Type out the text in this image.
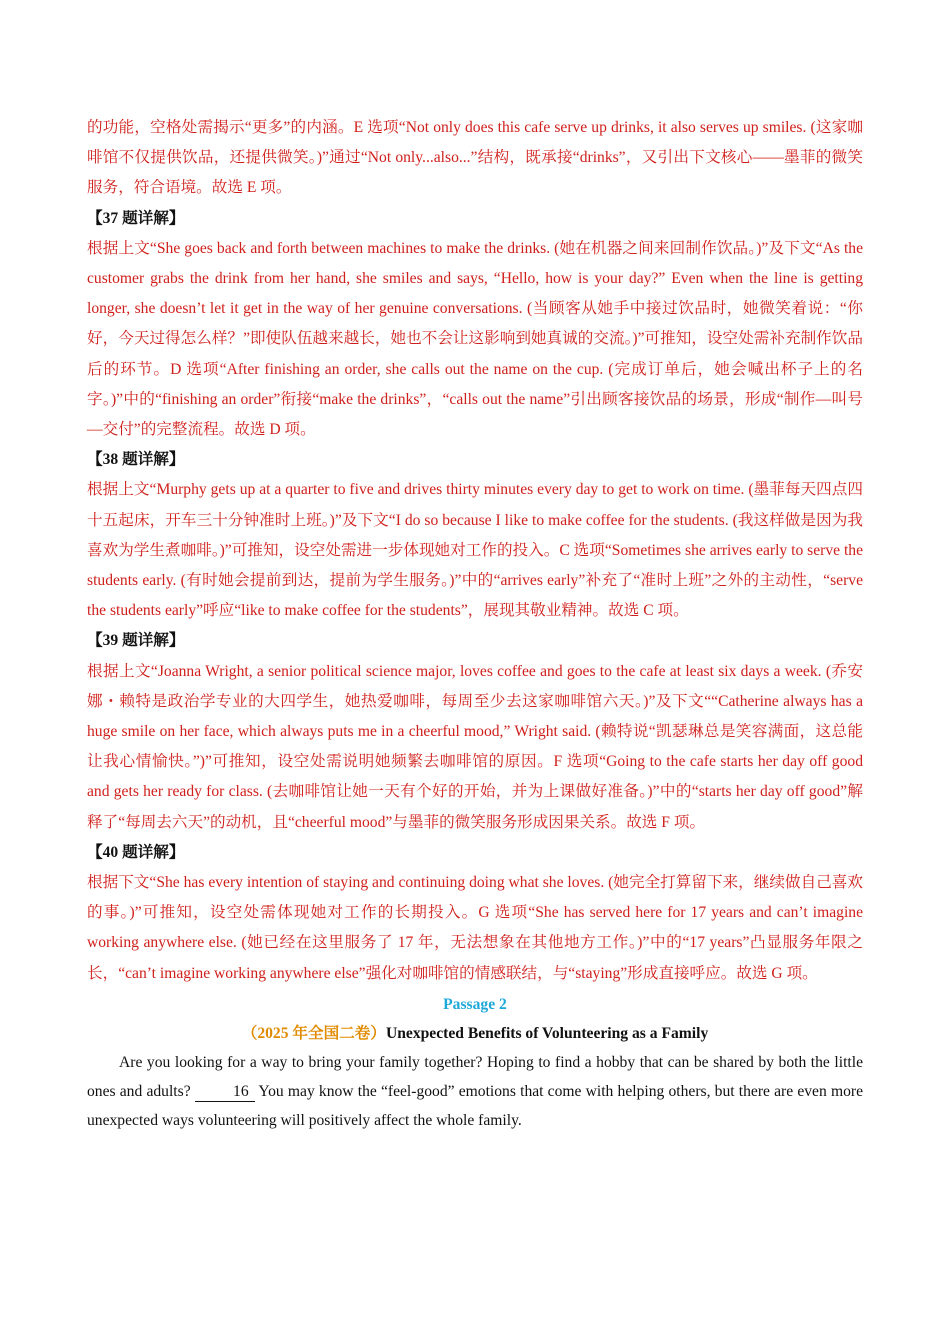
的功能，空格处需揭示“更多”的内涵。E 选项“Not only does this cafe serve up drinks, it also serves up smiles. (这家咖啡馆不仅提供饮品，还提供微笑。)”通过“Not only...also...”结构，既承接“drinks”，又引出下文核心——墨菲的微笑服务，符合语境。故选 E 项。

【37 题详解】

根据上文“She goes back and forth between machines to make the drinks. (她在机器之间来回制作饮品。)”及下文“As the customer grabs the drink from her hand, she smiles and says, “Hello, how is your day?” Even when the line is getting longer, she doesn’t let it get in the way of her genuine conversations. (当顾客从她手中接过饮品时，她微笑着说：“你好，今天过得怎么样？”即使队伍越来越长，她也不会让这影响到她真诚的交流。)”可推知，设空处需补充制作饮品后的环节。D 选项“After finishing an order, she calls out the name on the cup. (完成订单后，她会喊出杯子上的名字。)”中的“finishing an order”衔接“make the drinks”，“calls out the name”引出顾客接饮品的场景，形成“制作—叫号—交付”的完整流程。故选 D 项。

【38 题详解】

根据上文“Murphy gets up at a quarter to five and drives thirty minutes every day to get to work on time. (墨菲每天四点四十五起床，开车三十分钟准时上班。)”及下文“I do so because I like to make coffee for the students. (我这样做是因为我喜欢为学生煮咖啡。)”可推知，设空处需进一步体现她对工作的投入。C 选项“Sometimes she arrives early to serve the students early. (有时她会提前到达，提前为学生服务。)”中的“arrives early”补充了“准时上班”之外的主动性，“serve the students early”呼应“like to make coffee for the students”，展现其敬业精神。故选 C 项。

【39 题详解】

根据上文“Joanna Wright, a senior political science major, loves coffee and goes to the cafe at least six days a week. (乔安娜・赖特是政治学专业的大四学生，她热爱咖啡，每周至少去这家咖啡馆六天。)”及下文““Catherine always has a huge smile on her face, which always puts me in a cheerful mood,” Wright said. (赖特说“凯瑟琳总是笑容满面，这总能让我心情愉快。”)”可推知，设空处需说明她频繁去咖啡馆的原因。F 选项“Going to the cafe starts her day off good and gets her ready for class. (去咖啡馆让她一天有个好的开始，并为上课做好准备。)”中的“starts her day off good”解释了“每周去六天”的动机，且“cheerful mood”与墨菲的微笑服务形成因果关系。故选 F 项。

【40 题详解】

根据下文“She has every intention of staying and continuing doing what she loves. (她完全打算留下来，继续做自己喜欢的事。)”可推知，设空处需体现她对工作的长期投入。G 选项“She has served here for 17 years and can’t imagine working anywhere else. (她已经在这里服务了 17 年，无法想象在其他地方工作。)”中的“17 years”凸显服务年限之长，“can’t imagine working anywhere else”强化对咖啡馆的情感联结，与“staying”形成直接呼应。故选 G 项。

Passage 2
（2025 年全国二卷）Unexpected Benefits of Volunteering as a Family

Are you looking for a way to bring your family together? Hoping to find a hobby that can be shared by both the little ones and adults? 16 You may know the “feel-good” emotions that come with helping others, but there are even more unexpected ways volunteering will positively affect the whole family.
